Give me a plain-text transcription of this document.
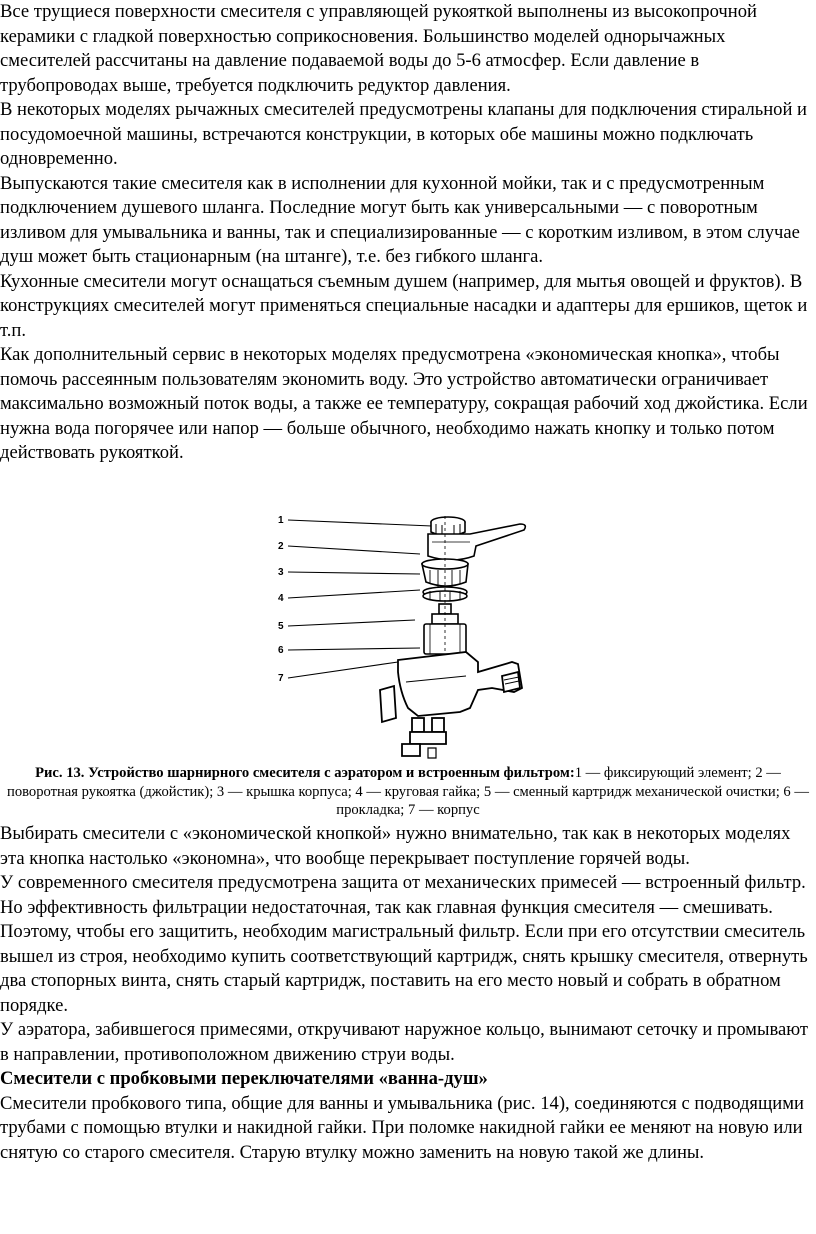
Все трущиеся поверхности смесителя с управляющей рукояткой выполнены из высокопрочной керамики с гладкой поверхностью соприкосновения. Большинство моделей однорычажных смесителей рассчитаны на давление подаваемой воды до 5-6 атмосфер. Если давление в трубопроводах выше, требуется подключить редуктор давления.

В некоторых моделях рычажных смесителей предусмотрены клапаны для подключения стиральной и посудомоечной машины, встречаются конструкции, в которых обе машины можно подключать одновременно.

Выпускаются такие смесителя как в исполнении для кухонной мойки, так и с предусмотренным подключением душевого шланга. Последние могут быть как универсальными — с поворотным изливом для умывальника и ванны, так и специализированные — с коротким изливом, в этом случае душ может быть стационарным (на штанге), т.е. без гибкого шланга.

Кухонные смесители могут оснащаться съемным душем (например, для мытья овощей и фруктов). В конструкциях смесителей могут применяться специальные насадки и адаптеры для ершиков, щеток и т.п.

Как дополнительный сервис в некоторых моделях предусмотрена «экономическая кнопка», чтобы помочь рассеянным пользователям экономить воду. Это устройство автоматически ограничивает максимально возможный поток воды, а также ее температуру, сокращая рабочий ход джойстика. Если нужна вода погорячее или напор — больше обычного, необходимо нажать кнопку и только потом действовать рукояткой.

1
2
3
4
5
6
7
Рис. 13. Устройство шарнирного смесителя с аэратором и встроенным фильтром:1 — фиксирующий элемент; 2 — поворотная рукоятка (джойстик); 3 — крышка корпуса; 4 — круговая гайка; 5 — сменный картридж механической очистки; 6 — прокладка; 7 — корпус

Выбирать смесители с «экономической кнопкой» нужно внимательно, так как в некоторых моделях эта кнопка настолько «экономна», что вообще перекрывает поступление горячей воды.

У современного смесителя предусмотрена защита от механических примесей — встроенный фильтр. Но эффективность фильтрации недостаточная, так как главная функция смесителя — смешивать. Поэтому, чтобы его защитить, необходим магистральный фильтр. Если при его отсутствии смеситель вышел из строя, необходимо купить соответствующий картридж, снять крышку смесителя, отвернуть два стопорных винта, снять старый картридж, поставить на его место новый и собрать в обратном порядке.

У аэратора, забившегося примесями, откручивают наружное кольцо, вынимают сеточку и промывают в направлении, противоположном движению струи воды.

Смесители с пробковыми переключателями «ванна-душ»

Смесители пробкового типа, общие для ванны и умывальника (рис. 14), соединяются с подводящими трубами с помощью втулки и накидной гайки. При поломке накидной гайки ее меняют на новую или снятую со старого смесителя. Старую втулку можно заменить на новую такой же длины.
